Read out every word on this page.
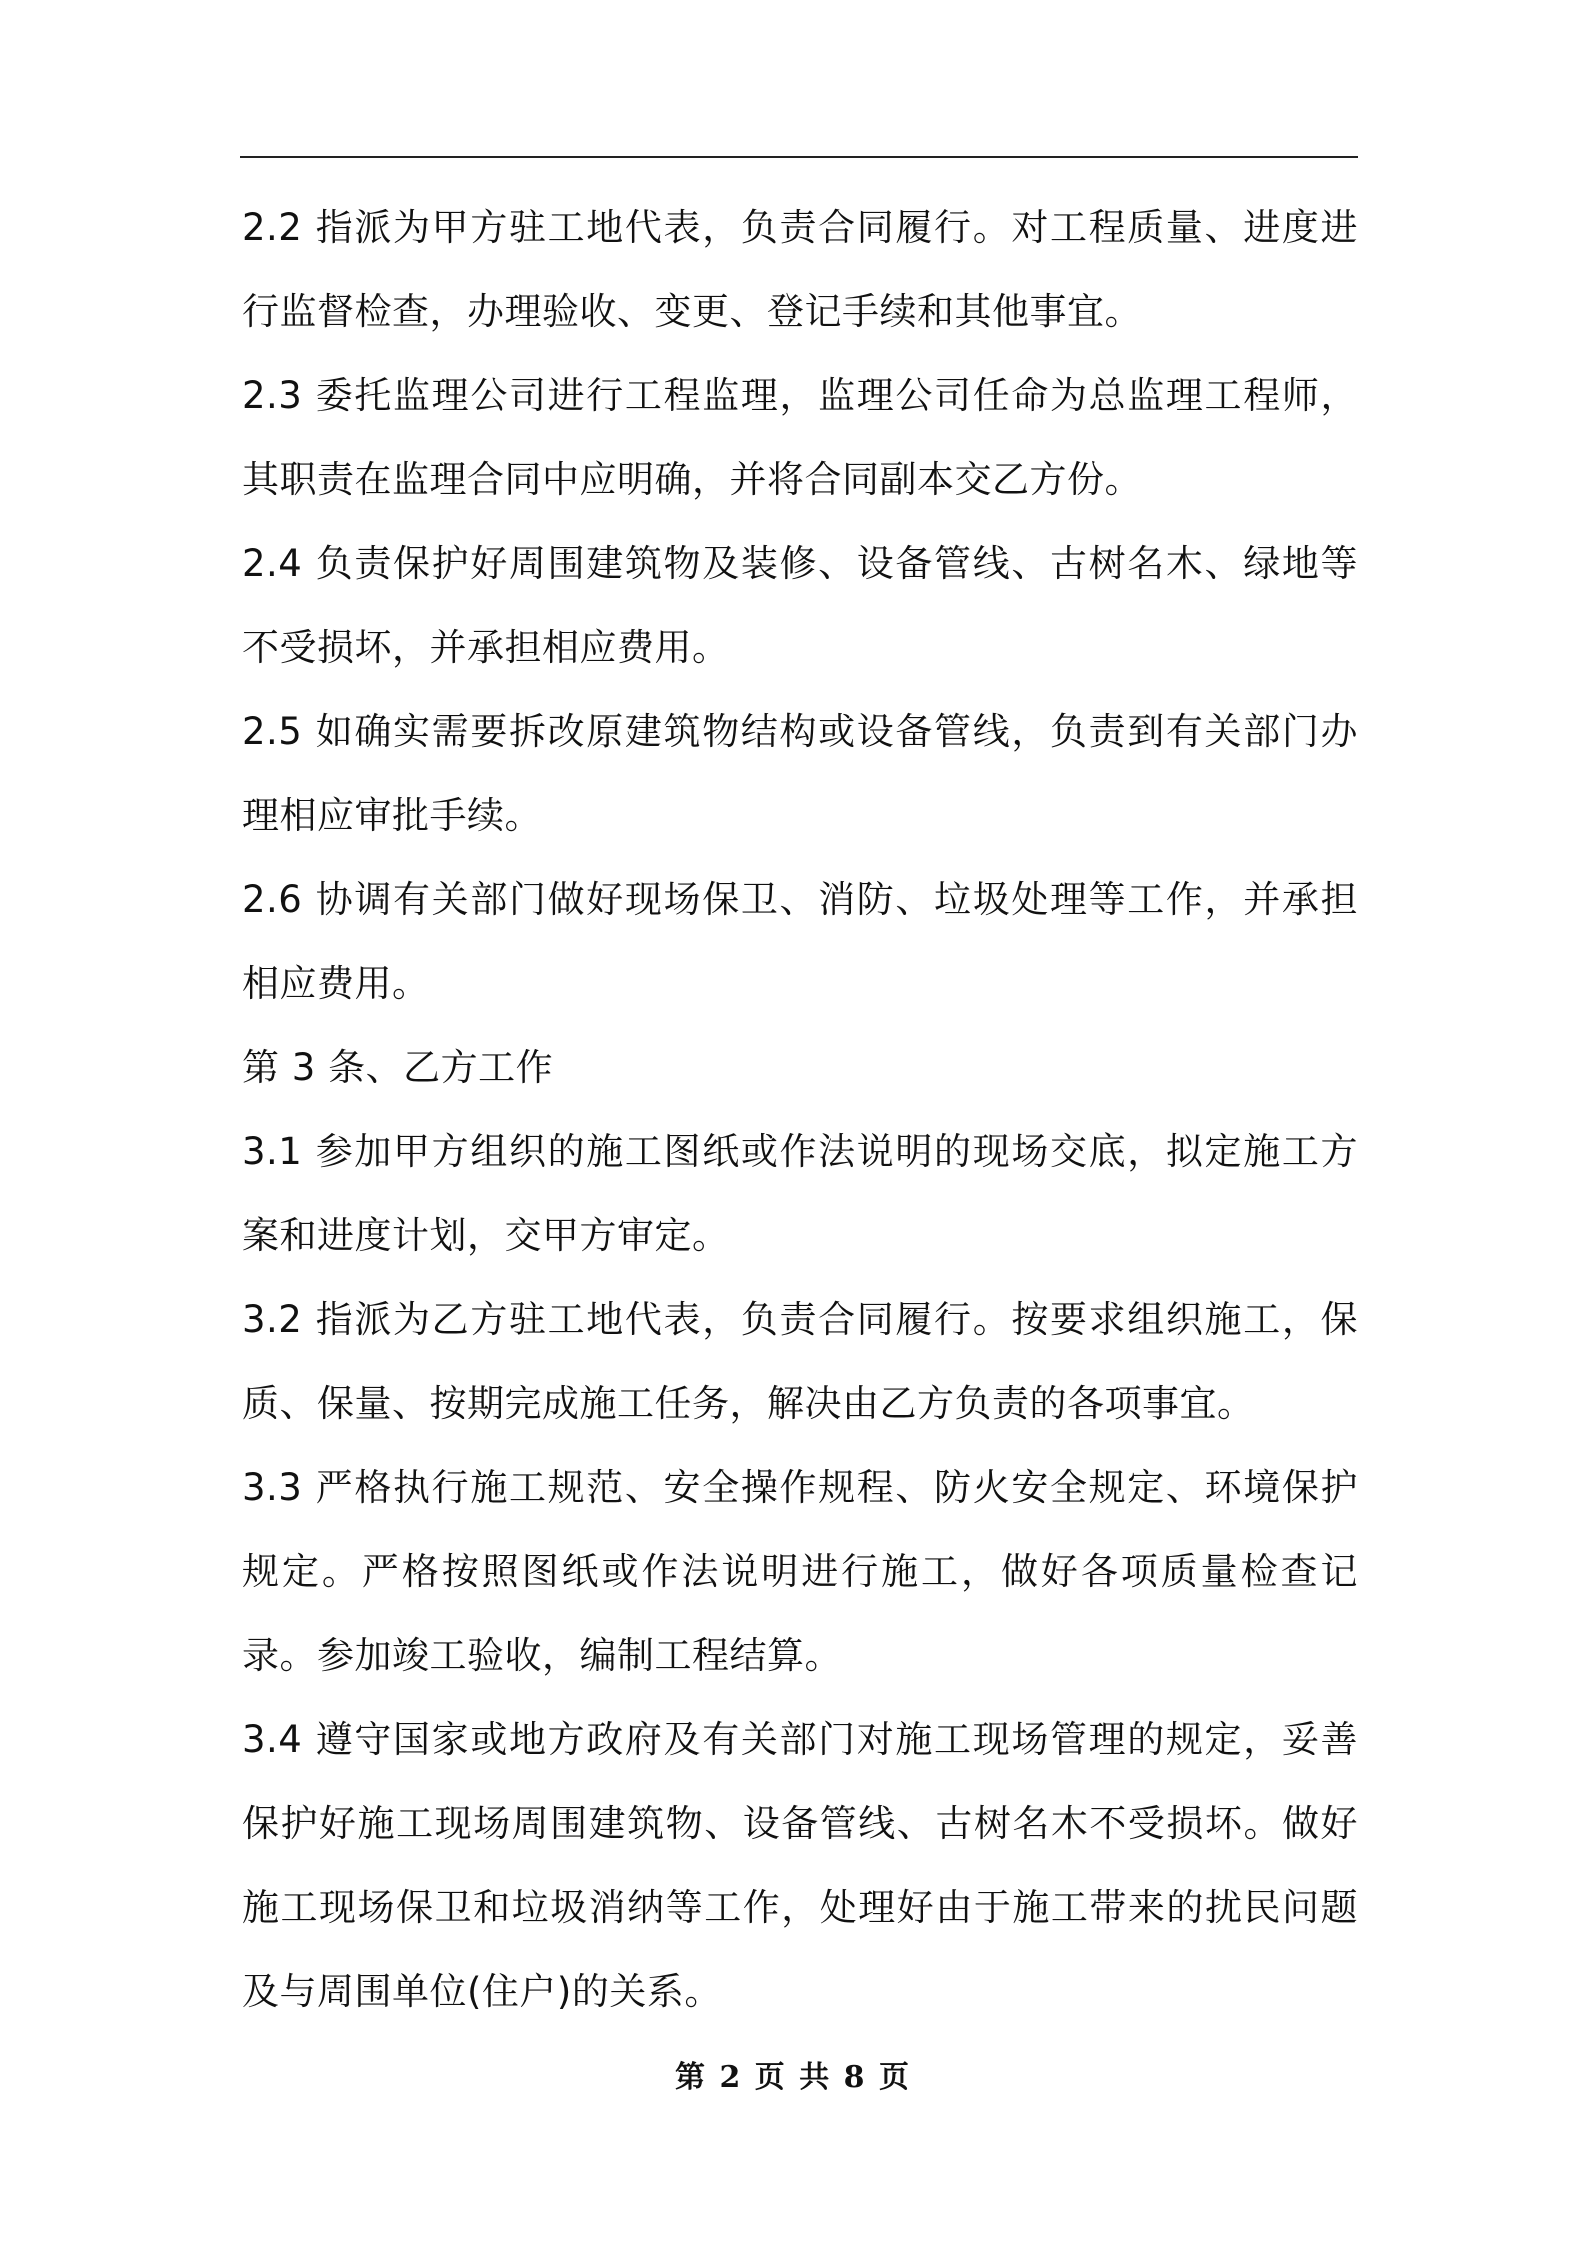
2.2 指派为甲方驻工地代表，负责合同履行。对工程质量、进度进行监督检查，办理验收、变更、登记手续和其他事宜。

2.3 委托监理公司进行工程监理，监理公司任命为总监理工程师，其职责在监理合同中应明确，并将合同副本交乙方份。

2.4 负责保护好周围建筑物及装修、设备管线、古树名木、绿地等不受损坏，并承担相应费用。

2.5 如确实需要拆改原建筑物结构或设备管线，负责到有关部门办理相应审批手续。

2.6 协调有关部门做好现场保卫、消防、垃圾处理等工作，并承担相应费用。

第 3 条、乙方工作

3.1 参加甲方组织的施工图纸或作法说明的现场交底，拟定施工方案和进度计划，交甲方审定。

3.2 指派为乙方驻工地代表，负责合同履行。按要求组织施工，保质、保量、按期完成施工任务，解决由乙方负责的各项事宜。

3.3 严格执行施工规范、安全操作规程、防火安全规定、环境保护规定。严格按照图纸或作法说明进行施工，做好各项质量检查记录。参加竣工验收，编制工程结算。

3.4 遵守国家或地方政府及有关部门对施工现场管理的规定，妥善保护好施工现场周围建筑物、设备管线、古树名木不受损坏。做好施工现场保卫和垃圾消纳等工作，处理好由于施工带来的扰民问题及与周围单位(住户)的关系。

第 2 页 共 8 页
